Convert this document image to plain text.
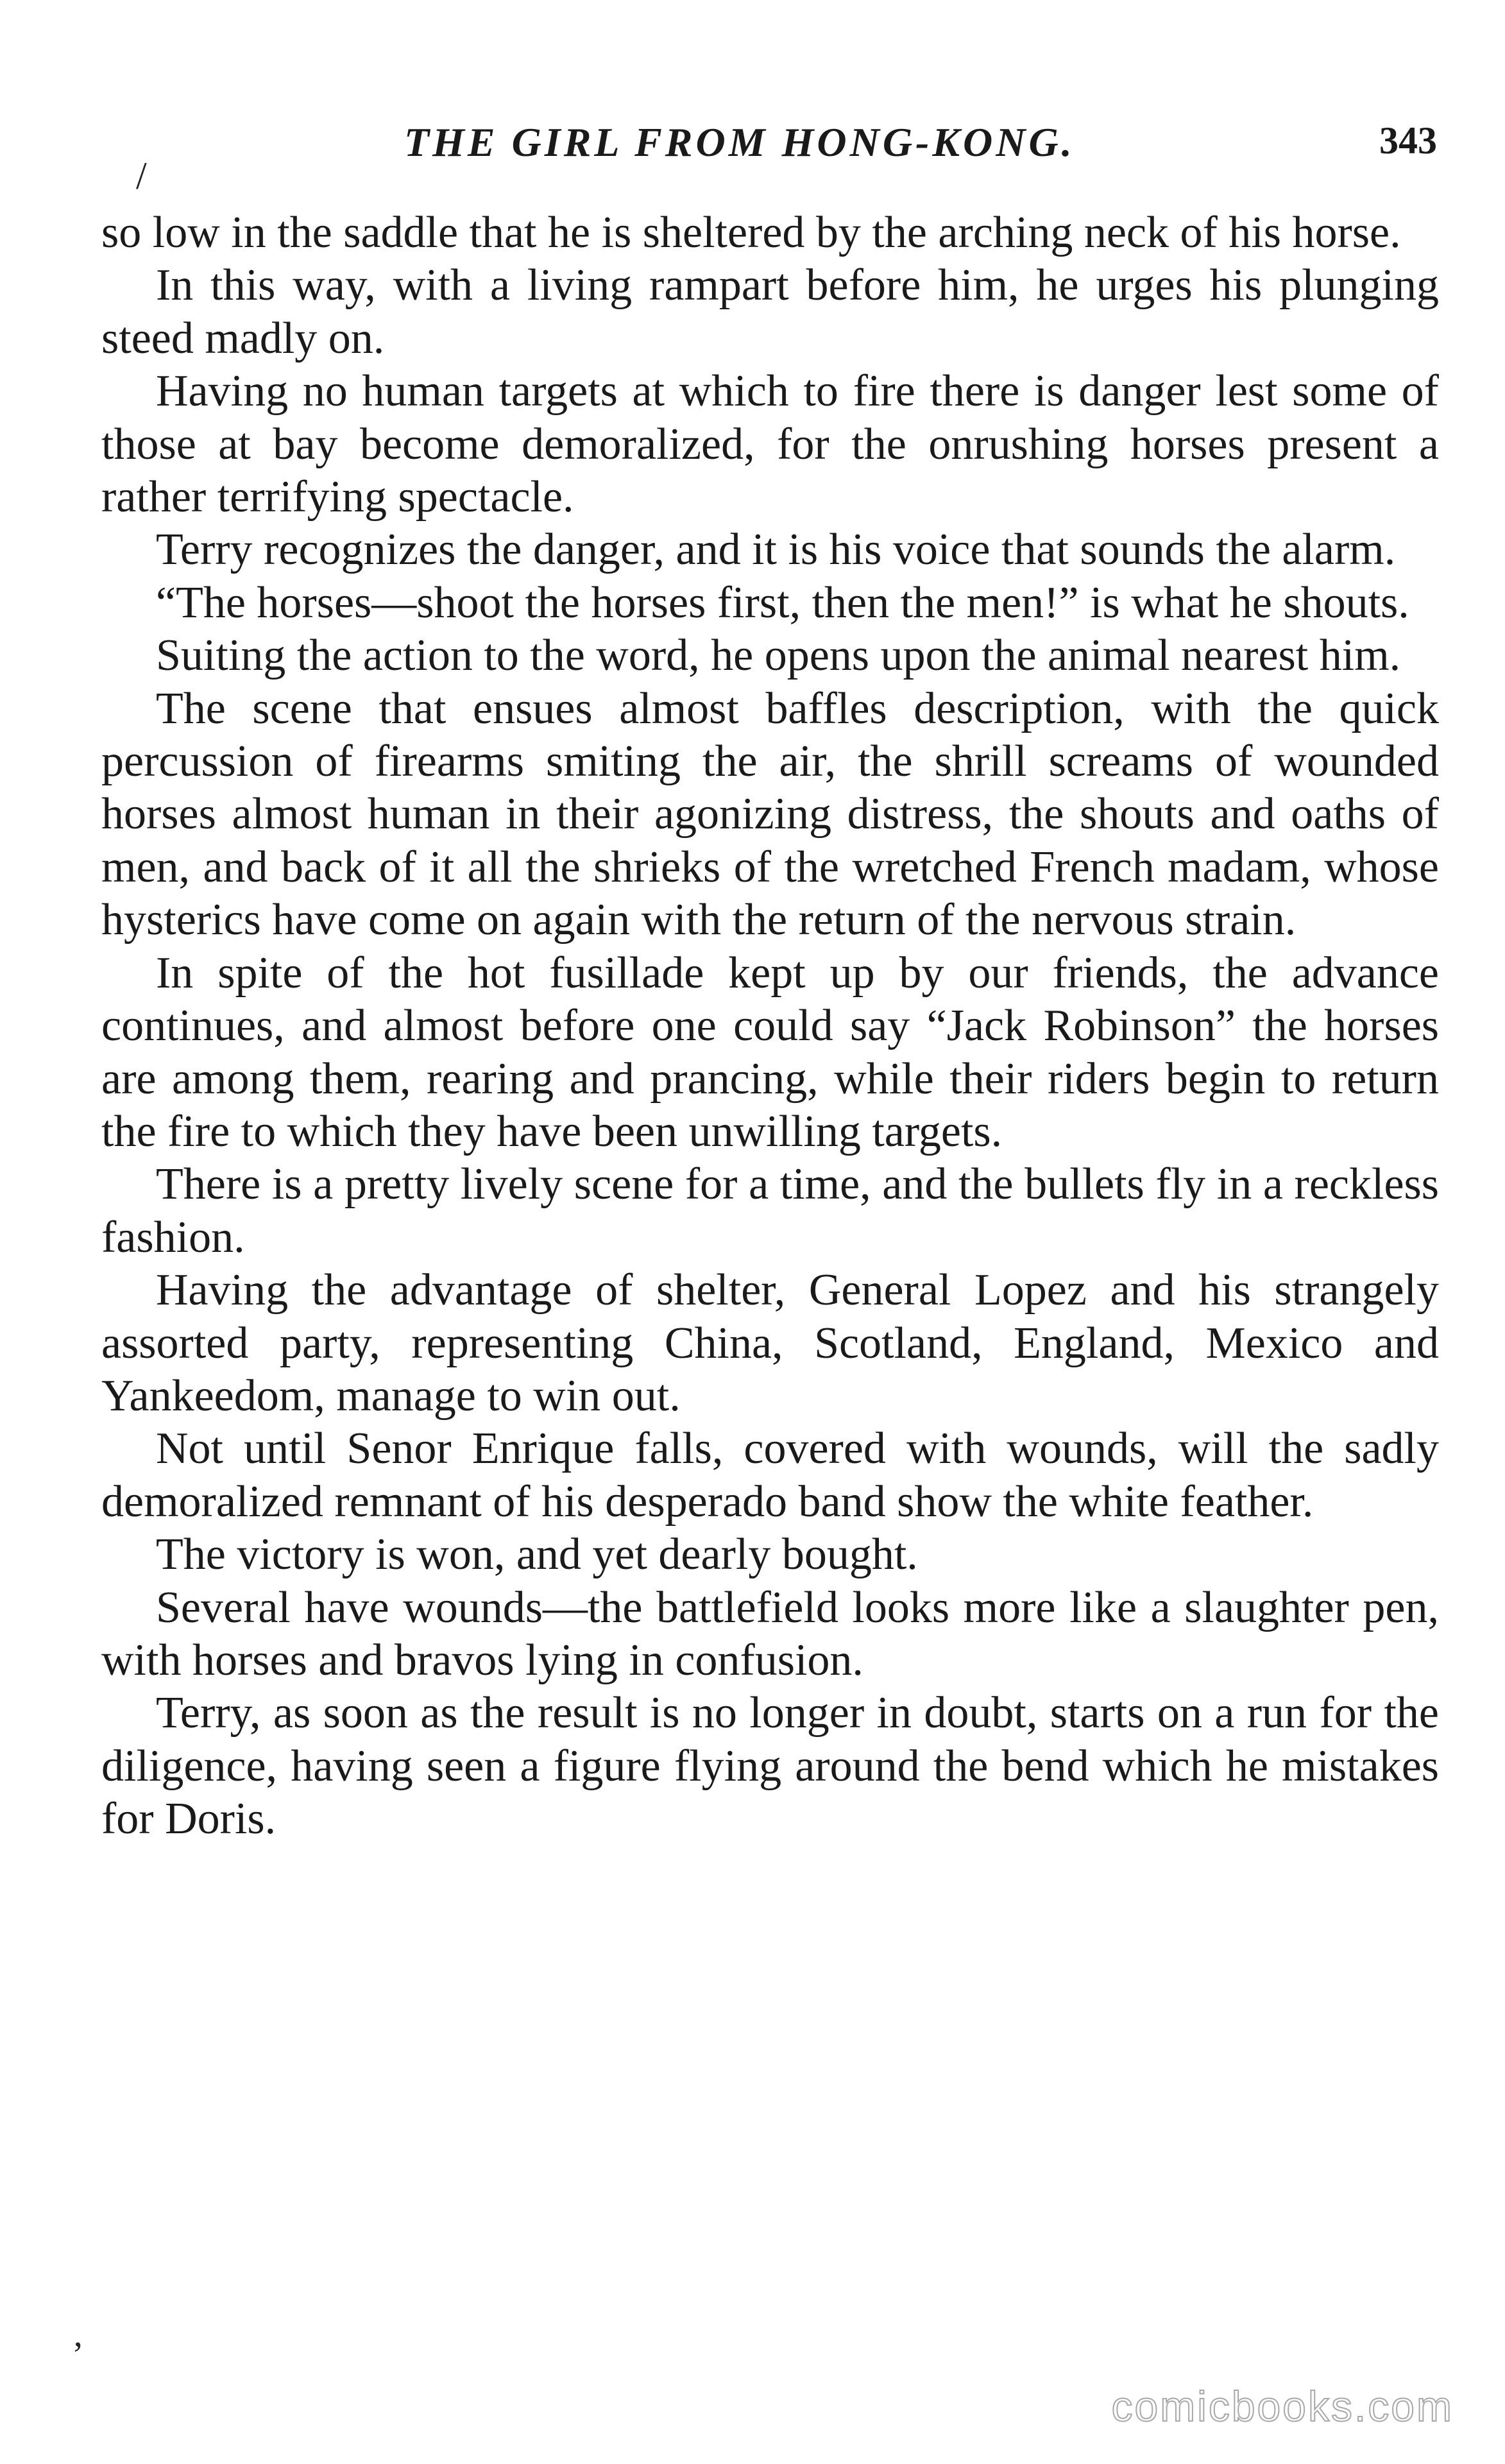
THE GIRL FROM HONG-KONG.	343
/

so low in the saddle that he is sheltered by the arching neck of his horse.

In this way, with a living rampart before him, he urges his plunging steed madly on.

Having no human targets at which to fire there is danger lest some of those at bay become demoralized, for the onrushing horses present a rather terrifying spectacle.

Terry recognizes the danger, and it is his voice that sounds the alarm.

“The horses—shoot the horses first, then the men!” is what he shouts.

Suiting the action to the word, he opens upon the animal nearest him.

The scene that ensues almost baffles description, with the quick percussion of firearms smiting the air, the shrill screams of wounded horses almost human in their agonizing distress, the shouts and oaths of men, and back of it all the shrieks of the wretched French madam, whose hysterics have come on again with the return of the nervous strain.

In spite of the hot fusillade kept up by our friends, the advance continues, and almost before one could say “Jack Robinson” the horses are among them, rearing and prancing, while their riders begin to return the fire to which they have been unwilling targets.

There is a pretty lively scene for a time, and the bullets fly in a reckless fashion.

Having the advantage of shelter, General Lopez and his strangely assorted party, representing China, Scotland, England, Mexico and Yankeedom, manage to win out.

Not until Senor Enrique falls, covered with wounds, will the sadly demoralized remnant of his desperado band show the white feather.

The victory is won, and yet dearly bought.

Several have wounds—the battlefield looks more like a slaughter pen, with horses and bravos lying in confusion.

Terry, as soon as the result is no longer in doubt, starts on a run for the diligence, having seen a figure flying around the bend which he mistakes for Doris.

’
comicbooks.com
